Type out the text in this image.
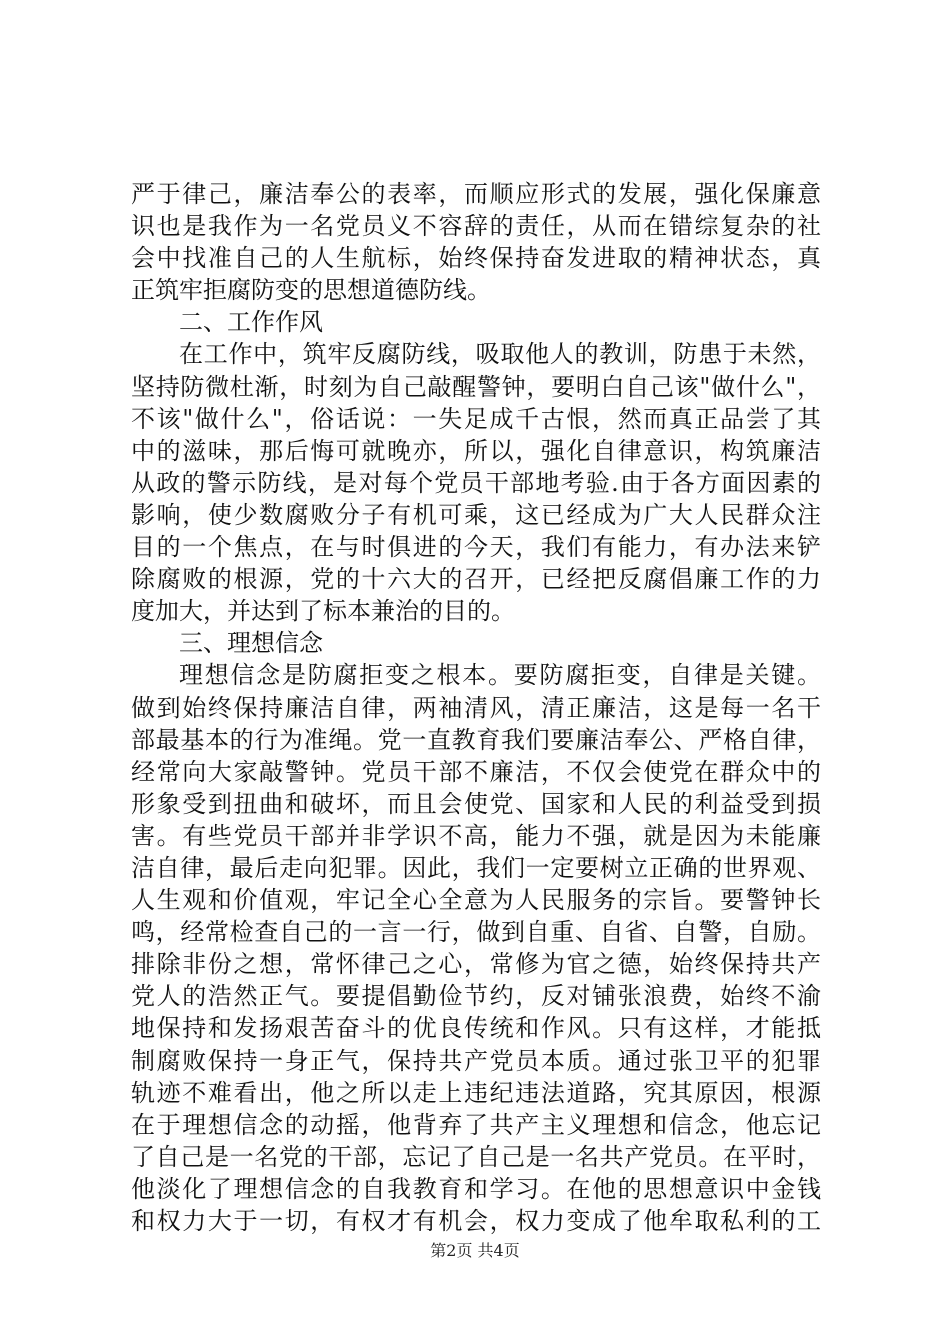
严于律己，廉洁奉公的表率，而顺应形式的发展，强化保廉意
识也是我作为一名党员义不容辞的责任，从而在错综复杂的社
会中找准自己的人生航标，始终保持奋发进取的精神状态，真
正筑牢拒腐防变的思想道德防线。
二、工作作风
在工作中，筑牢反腐防线，吸取他人的教训，防患于未然，
坚持防微杜渐，时刻为自己敲醒警钟，要明白自己该"做什么"，
不该"做什么"，俗话说：一失足成千古恨，然而真正品尝了其
中的滋味，那后悔可就晚亦，所以，强化自律意识，构筑廉洁
从政的警示防线，是对每个党员干部地考验.由于各方面因素的
影响，使少数腐败分子有机可乘，这已经成为广大人民群众注
目的一个焦点，在与时俱进的今天，我们有能力，有办法来铲
除腐败的根源，党的十六大的召开，已经把反腐倡廉工作的力
度加大，并达到了标本兼治的目的。
三、理想信念
理想信念是防腐拒变之根本。要防腐拒变，自律是关键。
做到始终保持廉洁自律，两袖清风，清正廉洁，这是每一名干
部最基本的行为准绳。党一直教育我们要廉洁奉公、严格自律，
经常向大家敲警钟。党员干部不廉洁，不仅会使党在群众中的
形象受到扭曲和破坏，而且会使党、国家和人民的利益受到损
害。有些党员干部并非学识不高，能力不强，就是因为未能廉
洁自律，最后走向犯罪。因此，我们一定要树立正确的世界观、
人生观和价值观，牢记全心全意为人民服务的宗旨。要警钟长
鸣，经常检查自己的一言一行，做到自重、自省、自警，自励。
排除非份之想，常怀律己之心，常修为官之德，始终保持共产
党人的浩然正气。要提倡勤俭节约，反对铺张浪费，始终不渝
地保持和发扬艰苦奋斗的优良传统和作风。只有这样，才能抵
制腐败保持一身正气，保持共产党员本质。通过张卫平的犯罪
轨迹不难看出，他之所以走上违纪违法道路，究其原因，根源
在于理想信念的动摇，他背弃了共产主义理想和信念，他忘记
了自己是一名党的干部，忘记了自己是一名共产党员。在平时，
他淡化了理想信念的自我教育和学习。在他的思想意识中金钱
和权力大于一切，有权才有机会，权力变成了他牟取私利的工
第2页 共4页
